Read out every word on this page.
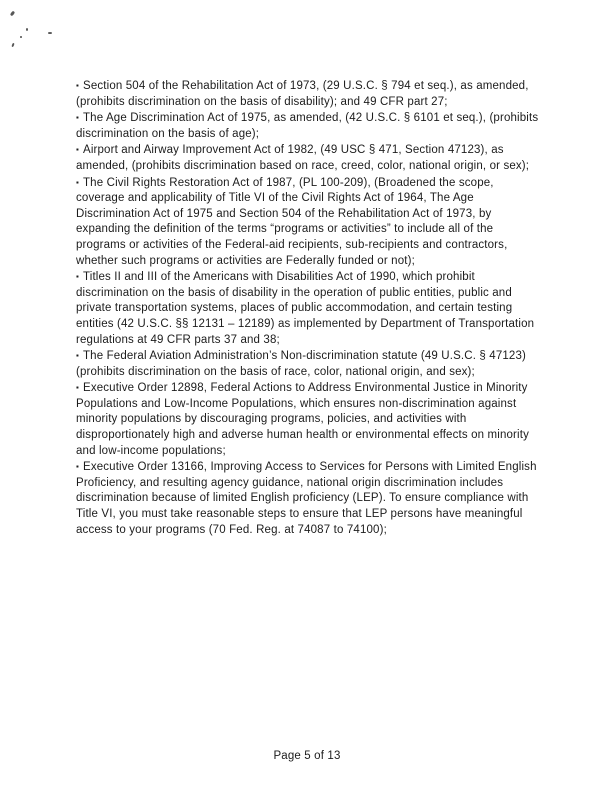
▪ Section 504 of the Rehabilitation Act of 1973, (29 U.S.C. § 794 et seq.), as amended, (prohibits discrimination on the basis of disability); and 49 CFR part 27;

▪ The Age Discrimination Act of 1975, as amended, (42 U.S.C. § 6101 et seq.), (prohibits discrimination on the basis of age);

▪ Airport and Airway Improvement Act of 1982, (49 USC § 471, Section 47123), as amended, (prohibits discrimination based on race, creed, color, national origin, or sex);

▪ The Civil Rights Restoration Act of 1987, (PL 100-209), (Broadened the scope, coverage and applicability of Title VI of the Civil Rights Act of 1964, The Age Discrimination Act of 1975 and Section 504 of the Rehabilitation Act of 1973, by expanding the definition of the terms “programs or activities” to include all of the programs or activities of the Federal-aid recipients, sub-recipients and contractors, whether such programs or activities are Federally funded or not);

▪ Titles II and III of the Americans with Disabilities Act of 1990, which prohibit discrimination on the basis of disability in the operation of public entities, public and private transportation systems, places of public accommodation, and certain testing entities (42 U.S.C. §§ 12131 – 12189) as implemented by Department of Transportation regulations at 49 CFR parts 37 and 38;

▪ The Federal Aviation Administration’s Non-discrimination statute (49 U.S.C. § 47123) (prohibits discrimination on the basis of race, color, national origin, and sex);

▪ Executive Order 12898, Federal Actions to Address Environmental Justice in Minority Populations and Low-Income Populations, which ensures non-discrimination against minority populations by discouraging programs, policies, and activities with disproportionately high and adverse human health or environmental effects on minority and low-income populations;

▪ Executive Order 13166, Improving Access to Services for Persons with Limited English Proficiency, and resulting agency guidance, national origin discrimination includes discrimination because of limited English proficiency (LEP). To ensure compliance with Title VI, you must take reasonable steps to ensure that LEP persons have meaningful access to your programs (70 Fed. Reg. at 74087 to 74100);

Page 5 of 13
